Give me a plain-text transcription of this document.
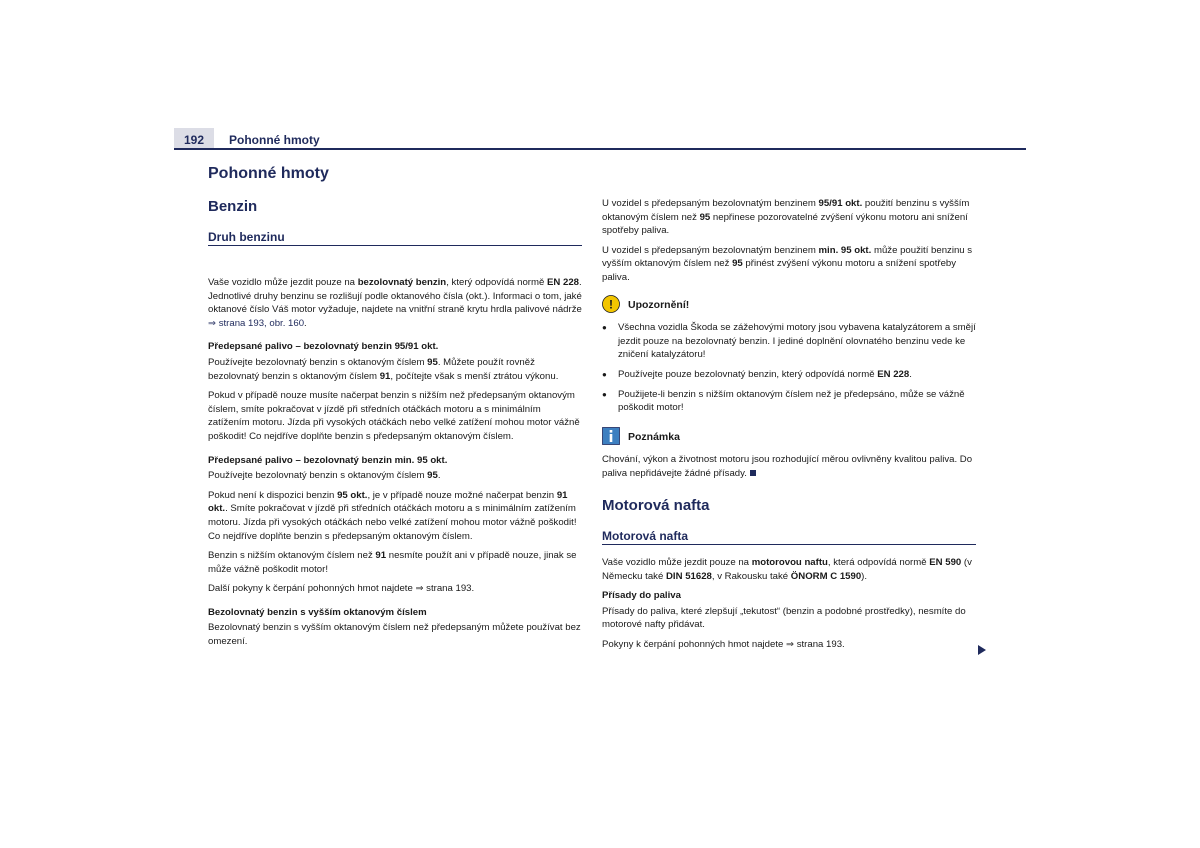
192	Pohonné hmoty
Pohonné hmoty
Benzin
Druh benzinu

Vaše vozidlo může jezdit pouze na bezolovnatý benzin, který odpovídá normě EN 228. Jednotlivé druhy benzinu se rozlišují podle oktanového čísla (okt.). Informaci o tom, jaké oktanové číslo Váš motor vyžaduje, najdete na vnitřní straně krytu hrdla palivové nádrže ⇒ strana 193, obr. 160.

Předepsané palivo – bezolovnatý benzin 95/91 okt.

Používejte bezolovnatý benzin s oktanovým číslem 95. Můžete použít rovněž bezolovnatý benzin s oktanovým číslem 91, počítejte však s menší ztrátou výkonu.

Pokud v případě nouze musíte načerpat benzin s nižším než předepsaným oktanovým číslem, smíte pokračovat v jízdě při středních otáčkách motoru a s minimálním zatížením motoru. Jízda při vysokých otáčkách nebo velké zatížení mohou motor vážně poškodit! Co nejdříve doplňte benzin s předepsaným oktanovým číslem.

Předepsané palivo – bezolovnatý benzin min. 95 okt.

Používejte bezolovnatý benzin s oktanovým číslem 95.

Pokud není k dispozici benzin 95 okt., je v případě nouze možné načerpat benzin 91 okt.. Smíte pokračovat v jízdě při středních otáčkách motoru a s minimálním zatížením motoru. Jízda při vysokých otáčkách nebo velké zatížení mohou motor vážně poškodit! Co nejdříve doplňte benzin s předepsaným oktanovým číslem.

Benzin s nižším oktanovým číslem než 91 nesmíte použít ani v případě nouze, jinak se může vážně poškodit motor!

Další pokyny k čerpání pohonných hmot najdete ⇒ strana 193.

Bezolovnatý benzin s vyšším oktanovým číslem

Bezolovnatý benzin s vyšším oktanovým číslem než předepsaným můžete používat bez omezení.

U vozidel s předepsaným bezolovnatým benzinem 95/91 okt. použití benzinu s vyšším oktanovým číslem než 95 nepřinese pozorovatelné zvýšení výkonu motoru ani snížení spotřeby paliva.

U vozidel s předepsaným bezolovnatým benzinem min. 95 okt. může použití benzinu s vyšším oktanovým číslem než 95 přinést zvýšení výkonu motoru a snížení spotřeby paliva.

! Upozornění!

● Všechna vozidla Škoda se zážehovými motory jsou vybavena katalyzátorem a smějí jezdit pouze na bezolovnatý benzin. I jediné doplnění olovnatého benzinu vede ke zničení katalyzátoru!

● Používejte pouze bezolovnatý benzin, který odpovídá normě EN 228.

● Použijete-li benzin s nižším oktanovým číslem než je předepsáno, může se vážně poškodit motor!

Poznámka

Chování, výkon a životnost motoru jsou rozhodující měrou ovlivněny kvalitou paliva. Do paliva nepřidávejte žádné přísady.

Motorová nafta
Motorová nafta

Vaše vozidlo může jezdit pouze na motorovou naftu, která odpovídá normě EN 590 (v Německu také DIN 51628, v Rakousku také ÖNORM C 1590).

Přísady do paliva

Přísady do paliva, které zlepšují „tekutost“ (benzin a podobné prostředky), nesmíte do motorové nafty přidávat.

Pokyny k čerpání pohonných hmot najdete ⇒ strana 193.
